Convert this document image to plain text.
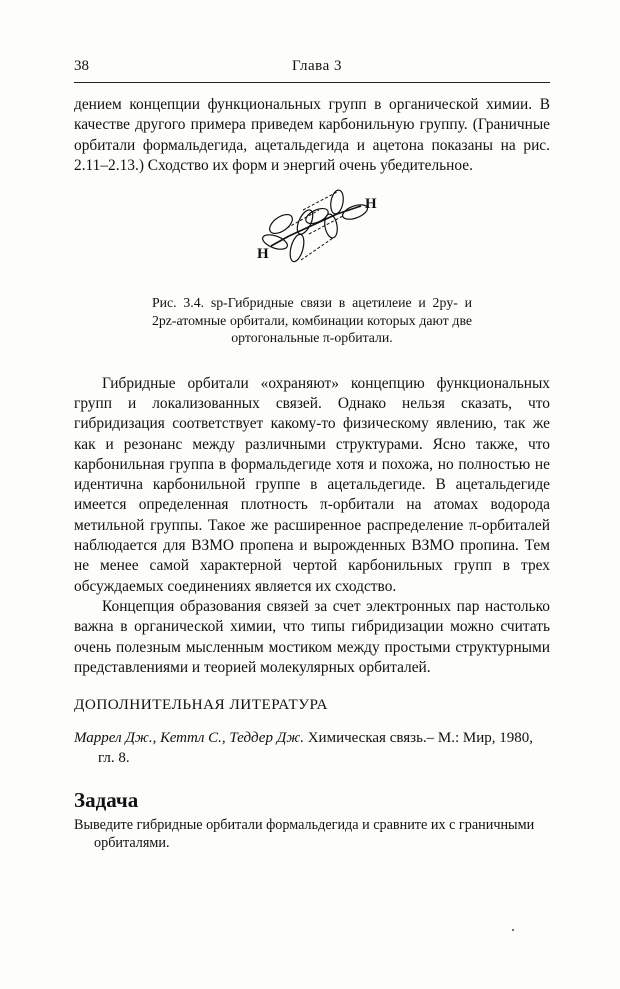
38	Глава 3

дением концепции функциональных групп в органической химии. В качестве другого примера приведем карбонильную группу. (Граничные орбитали формальдегида, ацетальдегида и ацетона показаны на рис. 2.11–2.13.) Сходство их форм и энергий очень убедительное.

H
H
Рис. 3.4. sp-Гибридные связи в ацетилеие и 2py- и 2pz-атомные орбитали, комбинации которых дают две ортогональные π-орбитали.

Гибридные орбитали «охраняют» концепцию функциональных групп и локализованных связей. Однако нельзя сказать, что гибридизация соответствует какому-то физическому явлению, так же как и резонанс между различными структурами. Ясно также, что карбонильная группа в формальдегиде хотя и похожа, но полностью не идентична карбонильной группе в ацетальдегиде. В ацетальдегиде имеется определенная плотность π-орбитали на атомах водорода метильной группы. Такое же расширенное распределение π-орбиталей наблюдается для ВЗМО пропена и вырожденных ВЗМО пропина. Тем не менее самой характерной чертой карбонильных групп в трех обсуждаемых соединениях является их сходство.

Концепция образования связей за счет электронных пар настолько важна в органической химии, что типы гибридизации можно считать очень полезным мысленным мостиком между простыми структурными представлениями и теорией молекулярных орбиталей.

ДОПОЛНИТЕЛЬНАЯ ЛИТЕРАТУРА
Маррел Дж., Кеттл С., Теддер Дж. Химическая связь.– М.: Мир, 1980, гл. 8.
Задача
Выведите гибридные орбитали формальдегида и сравните их с граничными орбиталями.
